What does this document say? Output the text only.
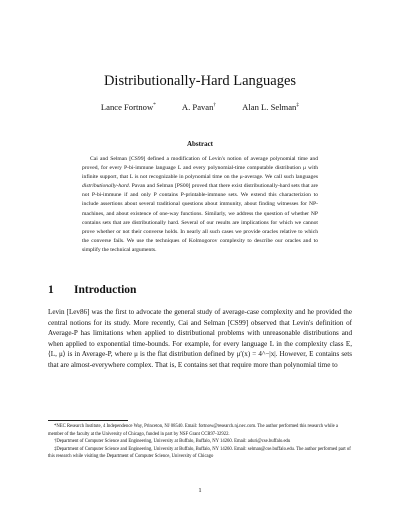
Distributionally-Hard Languages
Lance Fortnow*	A. Pavan†	Alan L. Selman‡
Abstract

Cai and Selman [CS99] defined a modification of Levin's notion of average polynomial time and proved, for every P-bi-immune language L and every polynomial-time computable distribution μ with infinite support, that L is not recognizable in polynomial time on the μ-average. We call such languages distributionally-hard. Pavan and Selman [PS00] proved that there exist distributionally-hard sets that are not P-bi-immune if and only P contains P-printable-immune sets. We extend this characterizion to include assertions about several traditional questions about immunity, about finding witnesses for NP-machines, and about existence of one-way functions. Similarly, we address the question of whether NP contains sets that are distributionally hard. Several of our results are implications for which we cannot prove whether or not their converse holds. In nearly all such cases we provide oracles relative to which the converse fails. We use the techniques of Kolmogorov complexity to describe our oracles and to simplify the technical arguments.

1 Introduction

Levin [Lev86] was the first to advocate the general study of average-case complexity and he provided the central notions for its study. More recently, Cai and Selman [CS99] observed that Levin's definition of Average-P has limitations when applied to distributional problems with unreasonable distributions and when applied to exponential time-bounds. For example, for every language L in the complexity class E, ⟨L, μ⟩ is in Average-P, where μ is the flat distribution defined by μ′(x) = 4^−|x|. However, E contains sets that are almost-everywhere complex. That is, E contains set that require more than polynomial time to

*NEC Research Institute, 4 Independence Way, Princeton, NJ 08540. Email: fortnow@research.nj.nec.com. The author performed this research while a member of the faculty at the University of Chicago, funded in part by NSF Grant CCR97-32922.

†Department of Computer Science and Engineering, University at Buffalo, Buffalo, NY 14260. Email: aduri@cse.buffalo.edu

‡Department of Computer Science and Engineering, University at Buffalo, Buffalo, NY 14260. Email: selman@cse.buffalo.edu. The author performed part of this research while visiting the Department of Computer Science, University of Chicago

1
